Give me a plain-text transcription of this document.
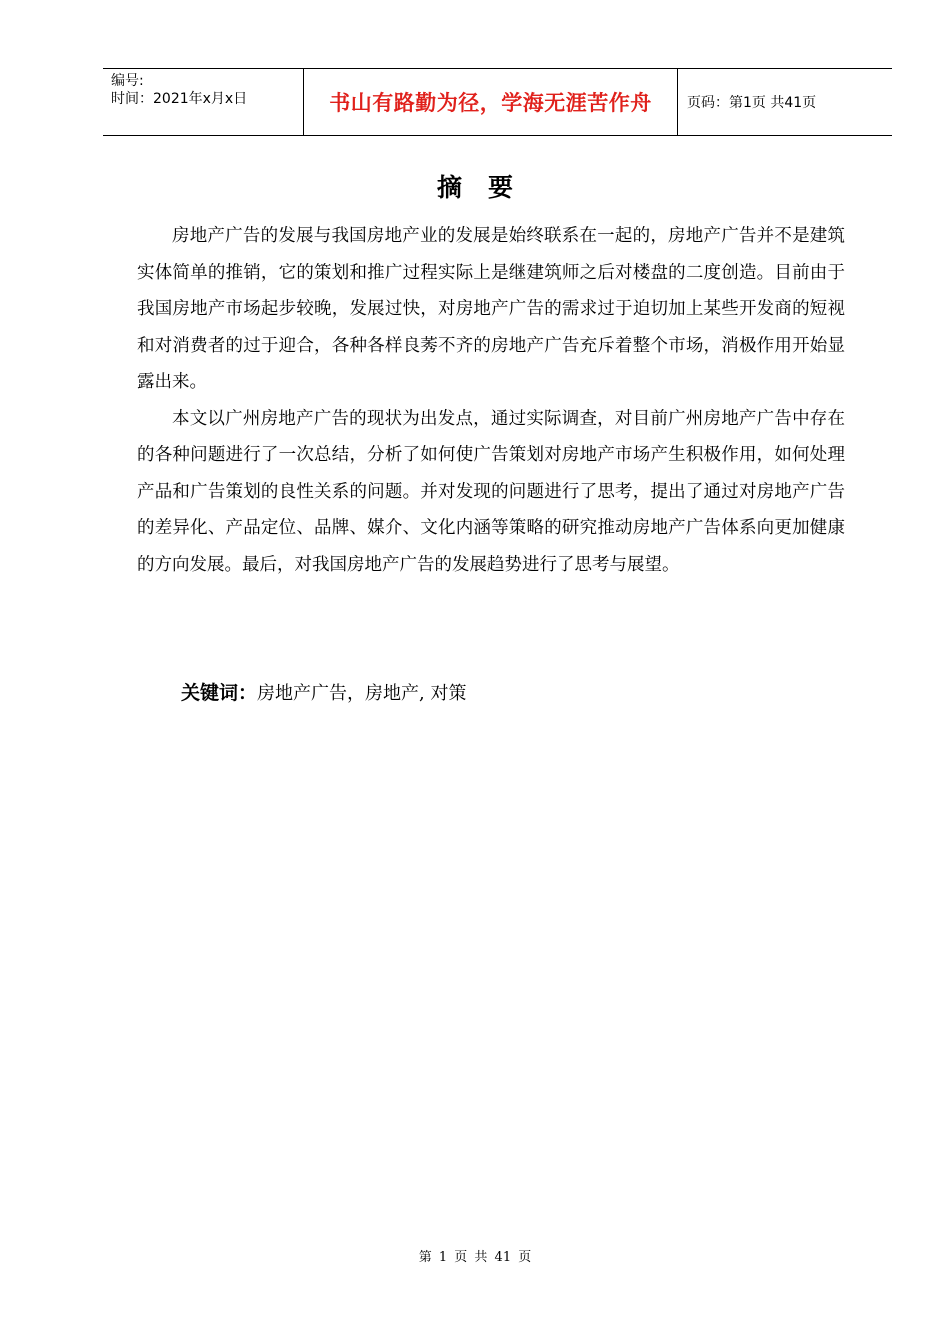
编号:
时间：2021年x月x日	书山有路勤为径，学海无涯苦作舟	页码：第1页 共41页
摘要

房地产广告的发展与我国房地产业的发展是始终联系在一起的，房地产广告并不是建筑实体简单的推销，它的策划和推广过程实际上是继建筑师之后对楼盘的二度创造。目前由于我国房地产市场起步较晚，发展过快，对房地产广告的需求过于迫切加上某些开发商的短视和对消费者的过于迎合，各种各样良莠不齐的房地产广告充斥着整个市场，消极作用开始显露出来。

本文以广州房地产广告的现状为出发点，通过实际调查，对目前广州房地产广告中存在的各种问题进行了一次总结，分析了如何使广告策划对房地产市场产生积极作用，如何处理产品和广告策划的良性关系的问题。并对发现的问题进行了思考，提出了通过对房地产广告的差异化、产品定位、品牌、媒介、文化内涵等策略的研究推动房地产广告体系向更加健康的方向发展。最后，对我国房地产广告的发展趋势进行了思考与展望。

关键词：房地产广告，房地产, 对策
第 1 页 共 41 页
